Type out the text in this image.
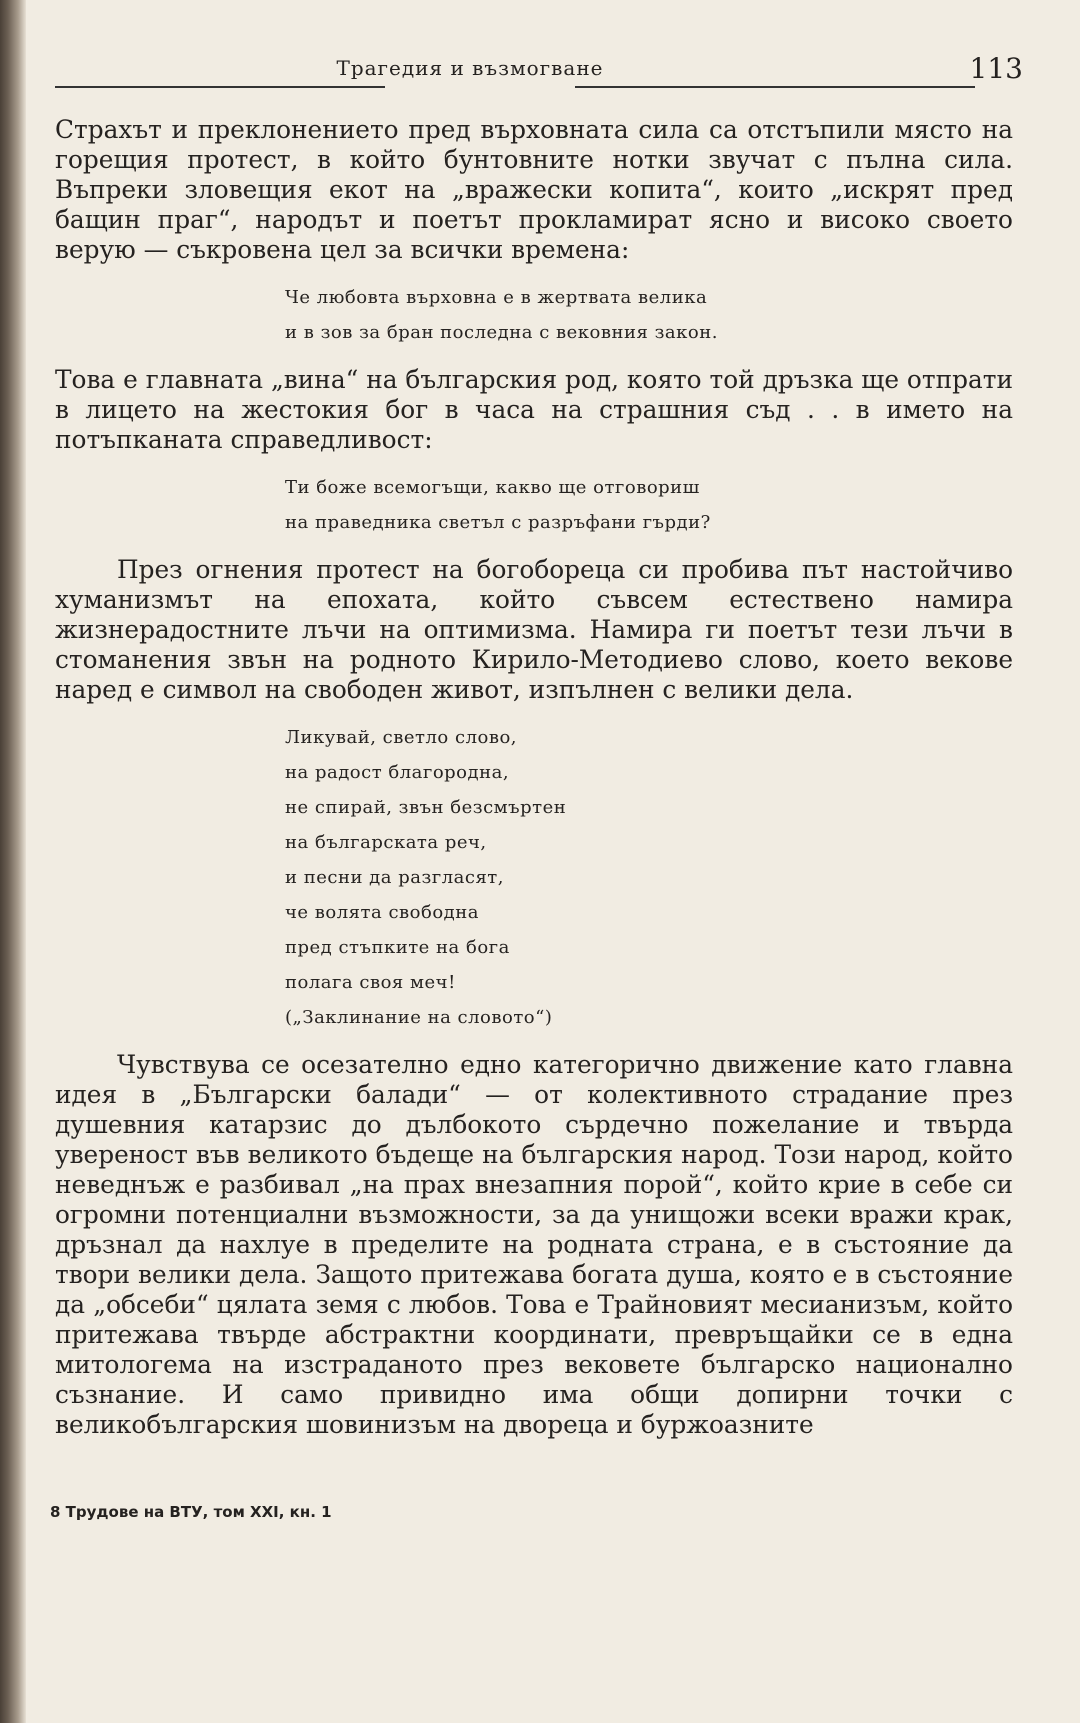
Трагедия и възмогване	113

Страхът и преклонението пред върховната сила са отстъпили място на горещия протест, в който бунтовните нотки звучат с пълна сила. Въпреки зловещия екот на „вражески копита“, които „искрят пред бащин праг“, народът и поетът прокламират ясно и високо своето верую — съкровена цел за всички времена:

Че любовта върховна е в жертвата велика
и в зов за бран последна с вековния закон.

Това е главната „вина“ на българския род, която той дръзка ще отпрати в лицето на жестокия бог в часа на страшния съд . . в името на потъпканата справедливост:

Ти боже всемогъщи, какво ще отговориш
на праведника светъл с разръфани гърди?

През огнения протест на богобореца си пробива път настойчиво хуманизмът на епохата, който съвсем естествено намира жизнерадостните лъчи на оптимизма. Намира ги поетът тези лъчи в стоманения звън на родното Кирило-Методиево слово, което векове наред е символ на свободен живот, изпълнен с велики дела.

Ликувай, светло слово,
на радост благородна,
не спирай, звън безсмъртен
на българската реч,
и песни да разгласят,
че волята свободна
пред стъпките на бога
полага своя меч!
(„Заклинание на словото“)

Чувствува се осезателно едно категорично движение като главна идея в „Български балади“ — от колективното страдание през душевния катарзис до дълбокото сърдечно пожелание и твърда увереност във великото бъдеще на българския народ. Този народ, който неведнъж е разбивал „на прах внезапния порой“, който крие в себе си огромни потенциални възможности, за да унищожи всеки вражи крак, дръзнал да нахлуе в пределите на родната страна, е в състояние да твори велики дела. Защото притежава богата душа, която е в състояние да „обсеби“ цялата земя с любов. Това е Трайновият месианизъм, който притежава твърде абстрактни координати, превръщайки се в една митологема на изстраданото през вековете българско национално съзнание. И само привидно има общи допирни точки с великобългарския шовинизъм на двореца и буржоазните

8 Трудове на ВТУ, том XXI, кн. 1
